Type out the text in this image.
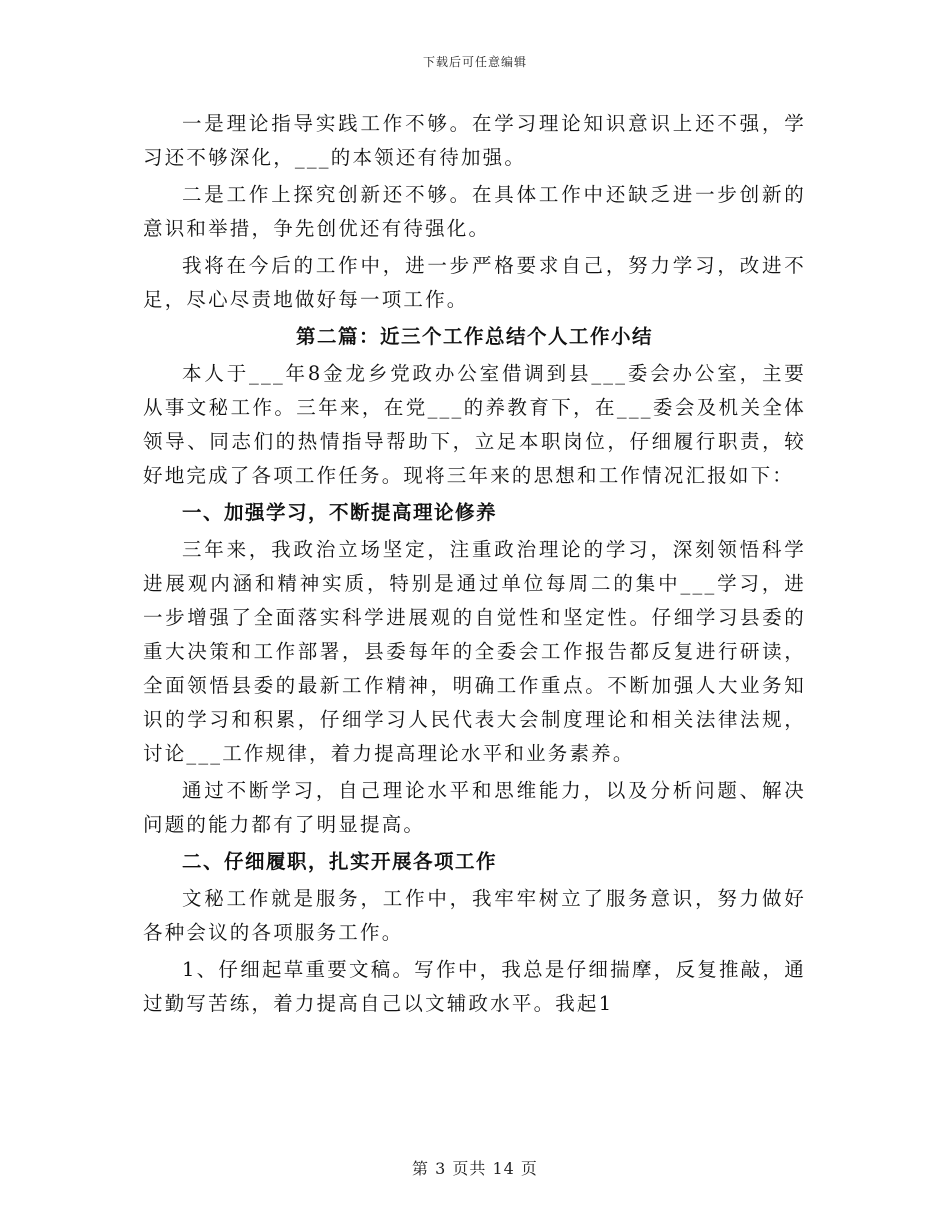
下载后可任意编辑

一是理论指导实践工作不够。在学习理论知识意识上还不强，学习还不够深化，___的本领还有待加强。

二是工作上探究创新还不够。在具体工作中还缺乏进一步创新的意识和举措，争先创优还有待强化。

我将在今后的工作中，进一步严格要求自己，努力学习，改进不足，尽心尽责地做好每一项工作。

第二篇：近三个工作总结个人工作小结

本人于___年8金龙乡党政办公室借调到县___委会办公室，主要从事文秘工作。三年来，在党___的养教育下，在___委会及机关全体领导、同志们的热情指导帮助下，立足本职岗位，仔细履行职责，较好地完成了各项工作任务。现将三年来的思想和工作情况汇报如下：

一、加强学习，不断提高理论修养

三年来，我政治立场坚定，注重政治理论的学习，深刻领悟科学进展观内涵和精神实质，特别是通过单位每周二的集中___学习，进一步增强了全面落实科学进展观的自觉性和坚定性。仔细学习县委的重大决策和工作部署，县委每年的全委会工作报告都反复进行研读，全面领悟县委的最新工作精神，明确工作重点。不断加强人大业务知识的学习和积累，仔细学习人民代表大会制度理论和相关法律法规，讨论___工作规律，着力提高理论水平和业务素养。

通过不断学习，自己理论水平和思维能力，以及分析问题、解决问题的能力都有了明显提高。

二、仔细履职，扎实开展各项工作

文秘工作就是服务，工作中，我牢牢树立了服务意识，努力做好各种会议的各项服务工作。

1、仔细起草重要文稿。写作中，我总是仔细揣摩，反复推敲，通过勤写苦练，着力提高自己以文辅政水平。我起1

第 3 页共 14 页
